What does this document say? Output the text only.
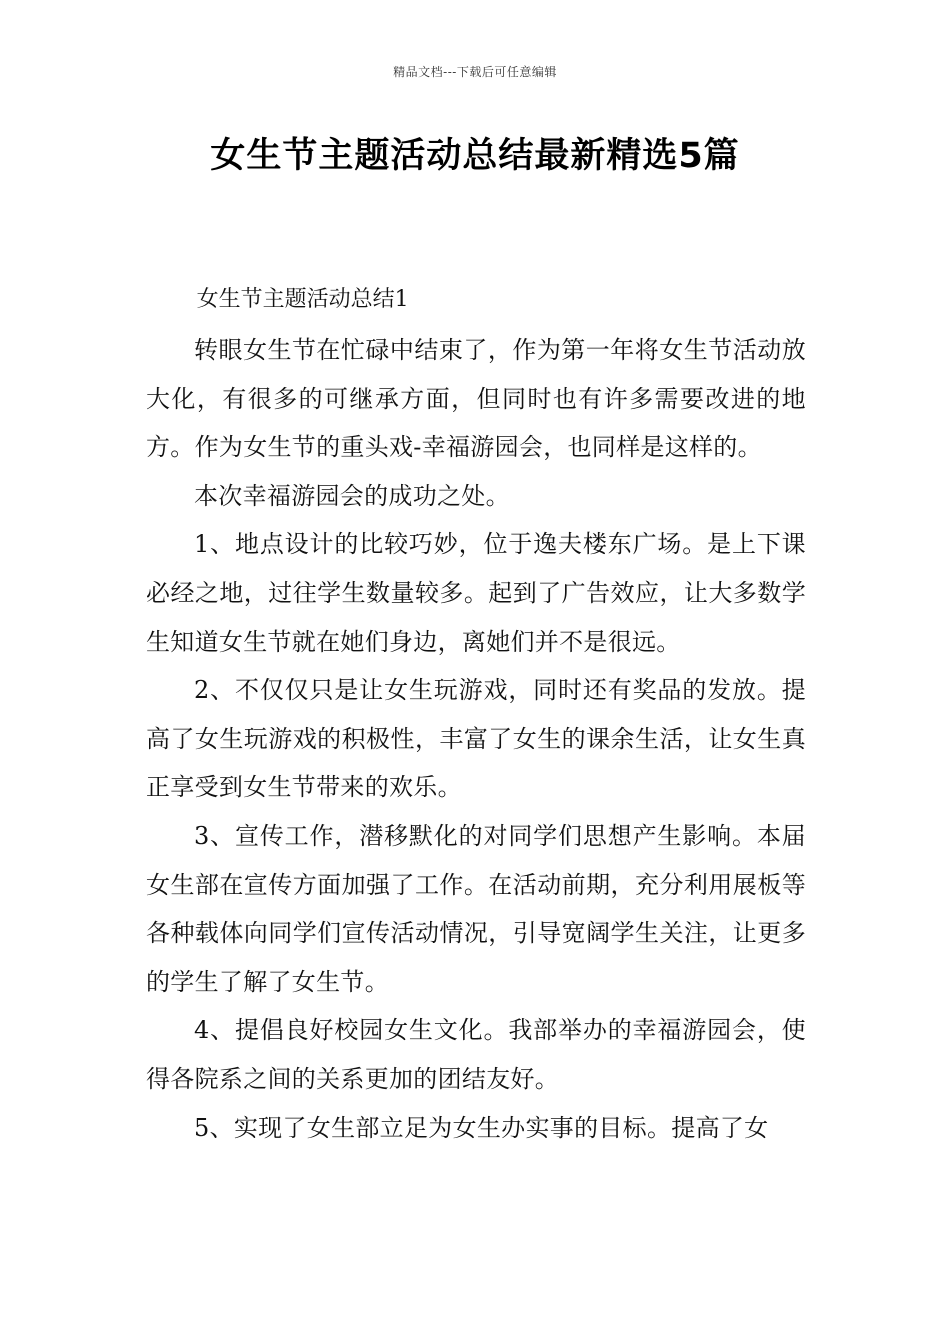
精品文档---下载后可任意编辑
女生节主题活动总结最新精选5篇

女生节主题活动总结1

转眼女生节在忙碌中结束了，作为第一年将女生节活动放大化，有很多的可继承方面，但同时也有许多需要改进的地方。作为女生节的重头戏-幸福游园会，也同样是这样的。

本次幸福游园会的成功之处。

1、地点设计的比较巧妙，位于逸夫楼东广场。是上下课必经之地，过往学生数量较多。起到了广告效应，让大多数学生知道女生节就在她们身边，离她们并不是很远。

2、不仅仅只是让女生玩游戏，同时还有奖品的发放。提高了女生玩游戏的积极性，丰富了女生的课余生活，让女生真正享受到女生节带来的欢乐。

3、宣传工作，潜移默化的对同学们思想产生影响。本届女生部在宣传方面加强了工作。在活动前期，充分利用展板等各种载体向同学们宣传活动情况，引导宽阔学生关注，让更多的学生了解了女生节。

4、提倡良好校园女生文化。我部举办的幸福游园会，使得各院系之间的关系更加的团结友好。

5、实现了女生部立足为女生办实事的目标。提高了女
